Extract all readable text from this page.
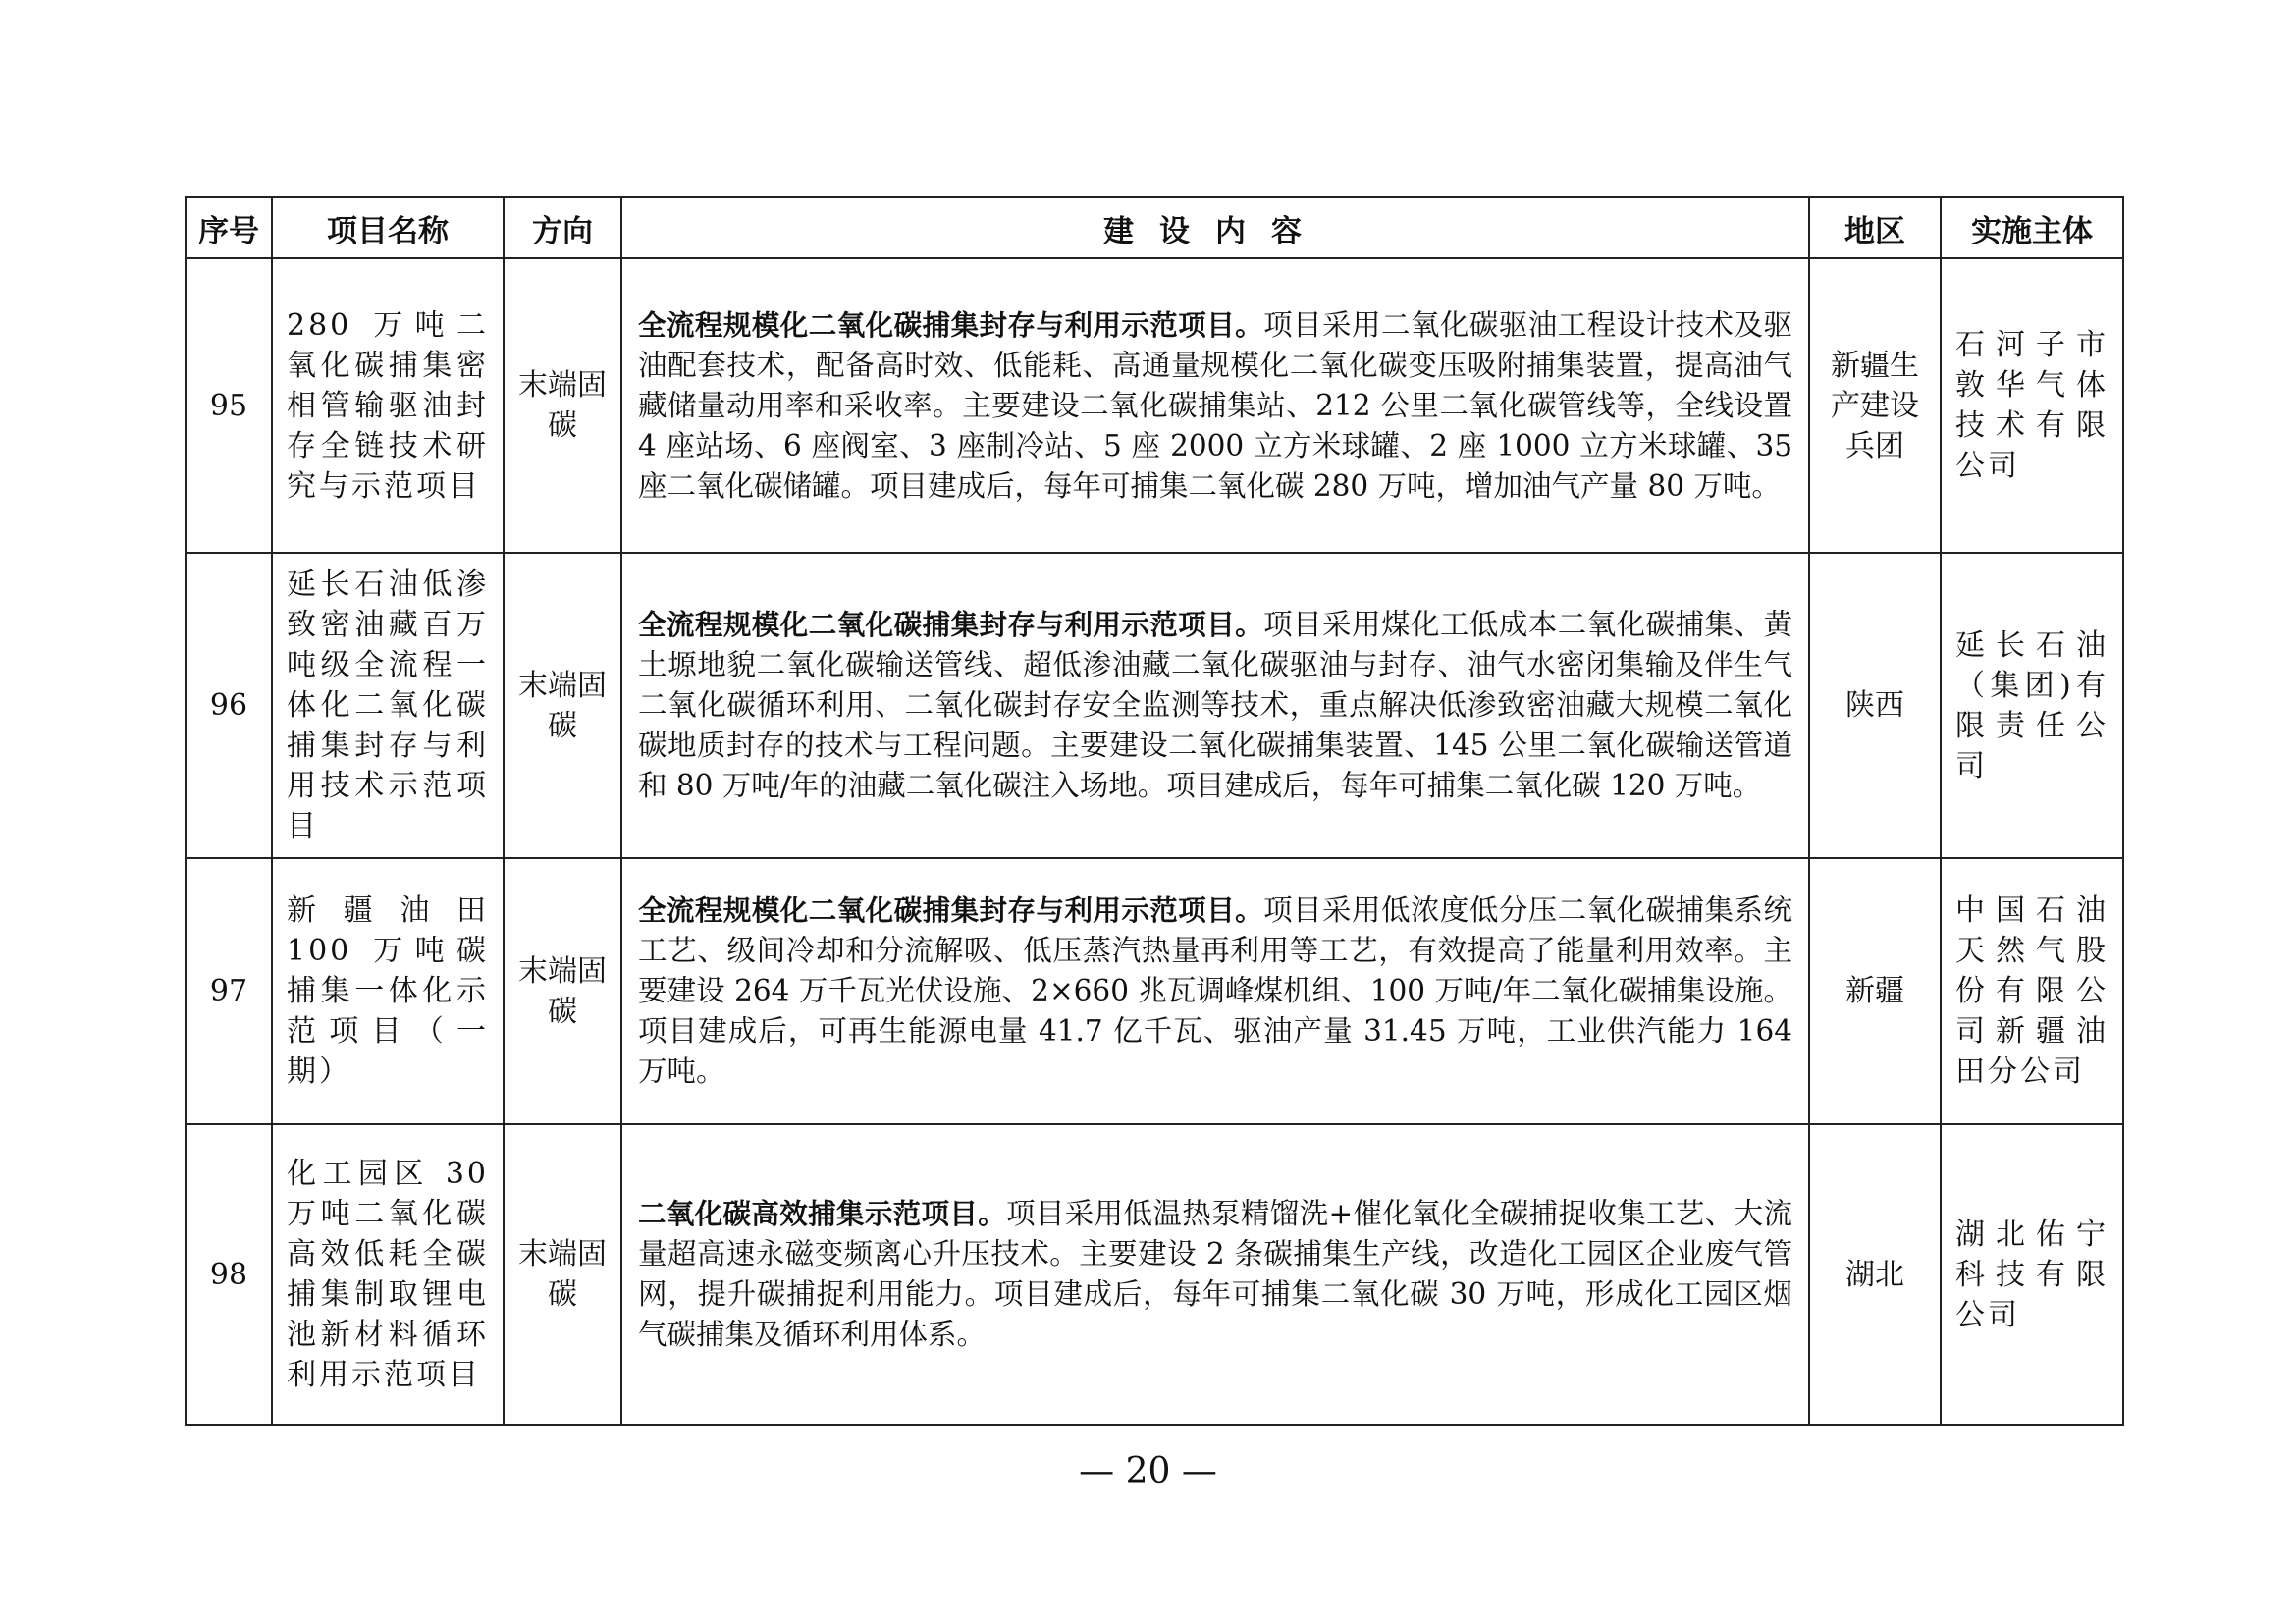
序号	项目名称	方向	建设内容	地区	实施主体
95	280 万吨二氧化碳捕集密相管输驱油封存全链技术研究与示范项目	末端固碳	全流程规模化二氧化碳捕集封存与利用示范项目。项目采用二氧化碳驱油工程设计技术及驱油配套技术，配备高时效、低能耗、高通量规模化二氧化碳变压吸附捕集装置，提高油气藏储量动用率和采收率。主要建设二氧化碳捕集站、212 公里二氧化碳管线等，全线设置 4 座站场、6 座阀室、3 座制冷站、5 座 2000 立方米球罐、2 座 1000 立方米球罐、35 座二氧化碳储罐。项目建成后，每年可捕集二氧化碳 280 万吨，增加油气产量 80 万吨。	新疆生产建设兵团	石河子市敦华气体技术有限公司
96	延长石油低渗致密油藏百万吨级全流程一体化二氧化碳捕集封存与利用技术示范项目	末端固碳	全流程规模化二氧化碳捕集封存与利用示范项目。项目采用煤化工低成本二氧化碳捕集、黄土塬地貌二氧化碳输送管线、超低渗油藏二氧化碳驱油与封存、油气水密闭集输及伴生气二氧化碳循环利用、二氧化碳封存安全监测等技术，重点解决低渗致密油藏大规模二氧化碳地质封存的技术与工程问题。主要建设二氧化碳捕集装置、145 公里二氧化碳输送管道和 80 万吨/年的油藏二氧化碳注入场地。项目建成后，每年可捕集二氧化碳 120 万吨。	陕西	延长石油（集团)有限责任公司
97	新疆油田 100 万吨碳捕集一体化示范项目（一期）	末端固碳	全流程规模化二氧化碳捕集封存与利用示范项目。项目采用低浓度低分压二氧化碳捕集系统工艺、级间冷却和分流解吸、低压蒸汽热量再利用等工艺，有效提高了能量利用效率。主要建设 264 万千瓦光伏设施、2×660 兆瓦调峰煤机组、100 万吨/年二氧化碳捕集设施。项目建成后，可再生能源电量 41.7 亿千瓦、驱油产量 31.45 万吨，工业供汽能力 164 万吨。	新疆	中国石油天然气股份有限公司新疆油田分公司
98	化工园区 30 万吨二氧化碳高效低耗全碳捕集制取锂电池新材料循环利用示范项目	末端固碳	二氧化碳高效捕集示范项目。项目采用低温热泵精馏洗+催化氧化全碳捕捉收集工艺、大流量超高速永磁变频离心升压技术。主要建设 2 条碳捕集生产线，改造化工园区企业废气管网，提升碳捕捉利用能力。项目建成后，每年可捕集二氧化碳 30 万吨，形成化工园区烟气碳捕集及循环利用体系。	湖北	湖北佑宁科技有限公司
— 20 —
